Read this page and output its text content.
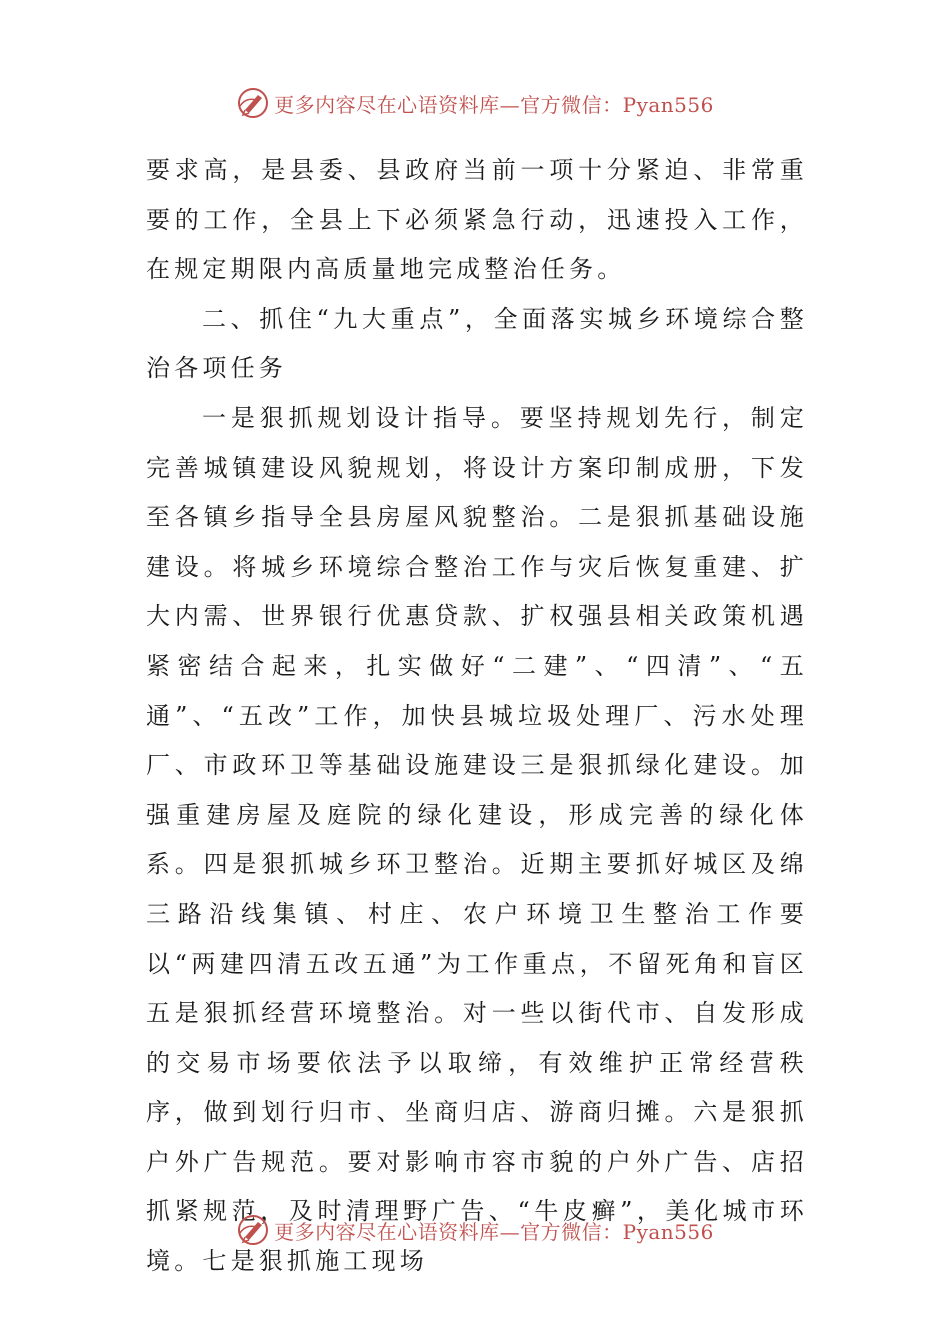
更多内容尽在心语资料库—官方微信：Pyan556

要求高，是县委、县政府当前一项十分紧迫、非常重要的工作，全县上下必须紧急行动，迅速投入工作，在规定期限内高质量地完成整治任务。

二、抓住“九大重点”，全面落实城乡环境综合整治各项任务

一是狠抓规划设计指导。要坚持规划先行，制定完善城镇建设风貌规划，将设计方案印制成册，下发至各镇乡指导全县房屋风貌整治。二是狠抓基础设施建设。将城乡环境综合整治工作与灾后恢复重建、扩大内需、世界银行优惠贷款、扩权强县相关政策机遇紧密结合起来，扎实做好“二建”、“四清”、“五通”、“五改”工作，加快县城垃圾处理厂、污水处理厂、市政环卫等基础设施建设三是狠抓绿化建设。加强重建房屋及庭院的绿化建设，形成完善的绿化体系。四是狠抓城乡环卫整治。近期主要抓好城区及绵三路沿线集镇、村庄、农户环境卫生整治工作要以“两建四清五改五通”为工作重点，不留死角和盲区五是狠抓经营环境整治。对一些以街代市、自发形成的交易市场要依法予以取缔，有效维护正常经营秩序，做到划行归市、坐商归店、游商归摊。六是狠抓户外广告规范。要对影响市容市貌的户外广告、店招抓紧规范，及时清理野广告、“牛皮癣”，美化城市环境。七是狠抓施工现场

更多内容尽在心语资料库—官方微信：Pyan556
